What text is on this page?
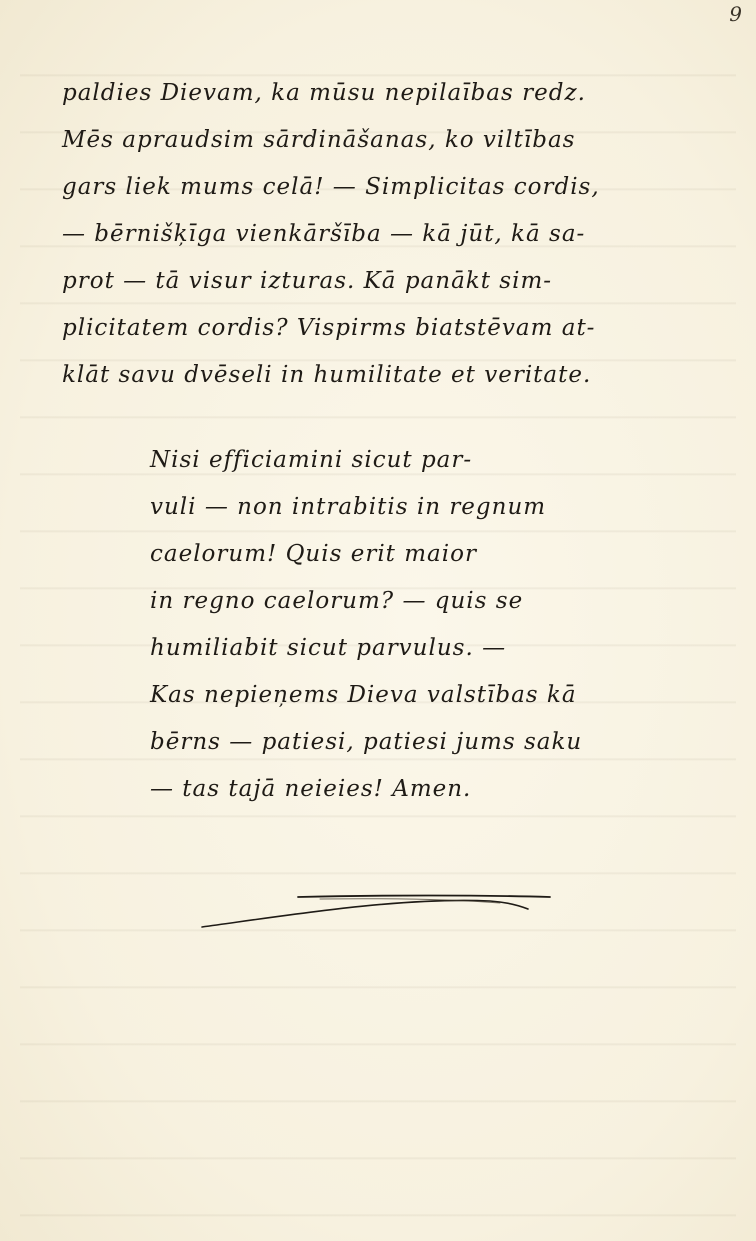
9
paldies Dievam, ka mūsu nepilaības redz.
Mēs apraudsim sārdināšanas, ko viltības
gars liek mums celā! — Simplicitas cordis,
— bērnišķīga vienkāršība — kā jūt, kā sa-
prot — tā visur izturas. Kā panākt sim-
plicitatem cordis? Vispirms biatstēvam at-
klāt savu dvēseli in humilitate et veritate.
Nisi efficiamini sicut par-
vuli — non intrabitis in regnum
caelorum! Quis erit maior
in regno caelorum? — quis se
humiliabit sicut parvulus. —
Kas nepieņems Dieva valstības kā
bērns — patiesi, patiesi jums saku
— tas tajā neieies! Amen.
